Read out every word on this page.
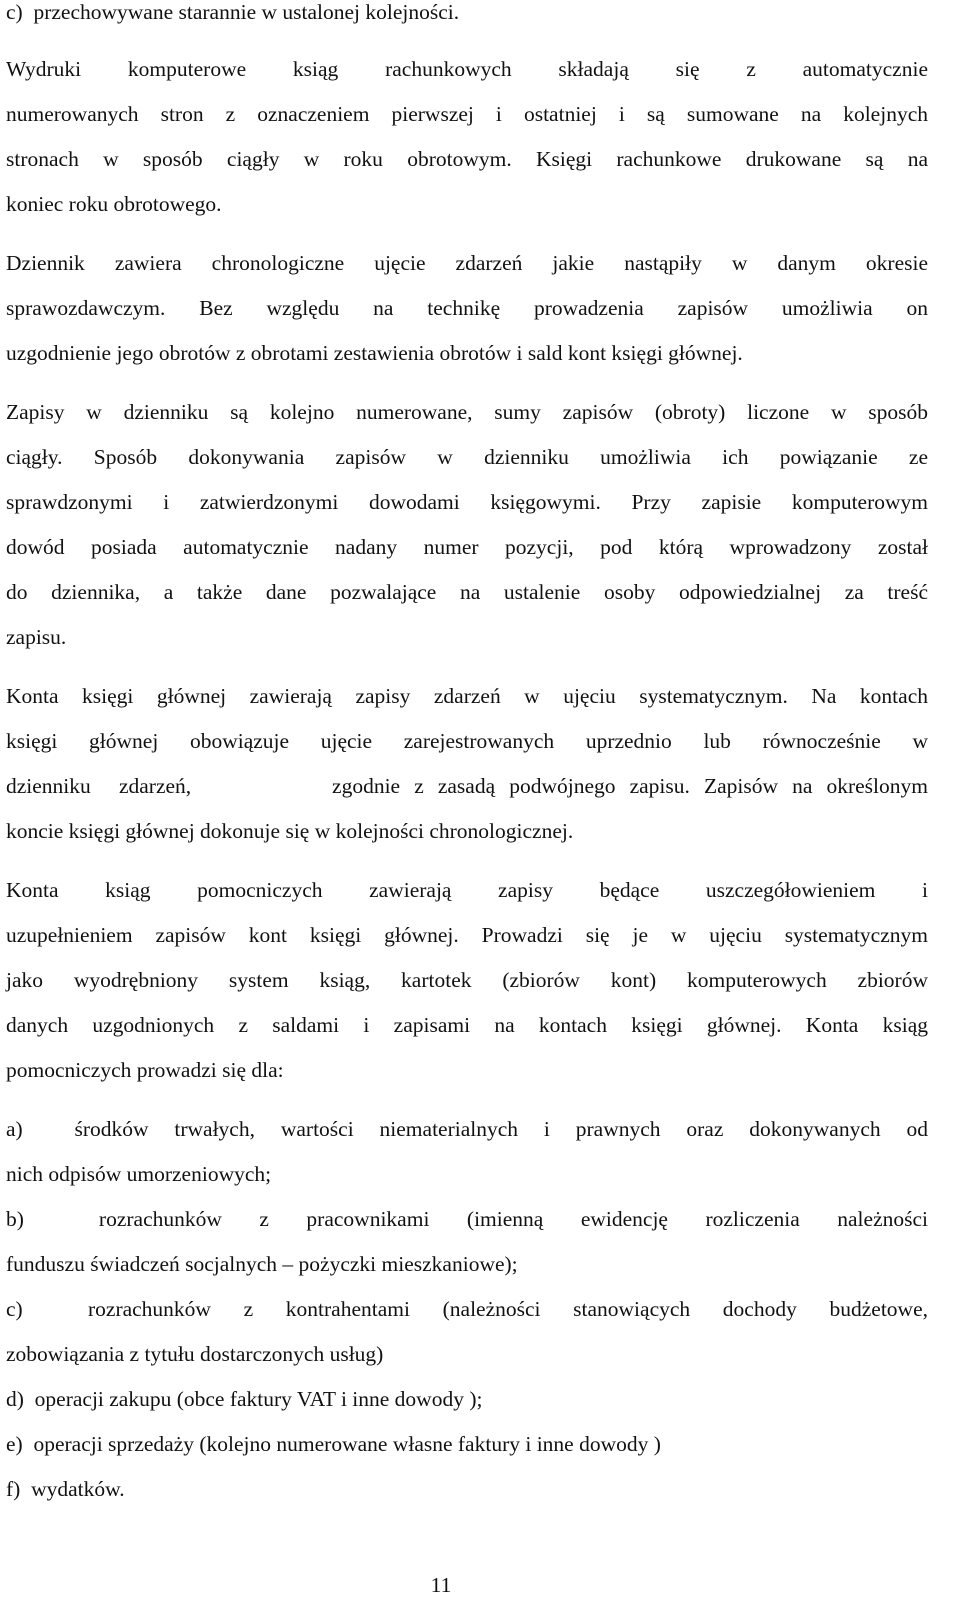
c)  przechowywane starannie w ustalonej kolejności.
Wydruki komputerowe ksiąg rachunkowych składają się z automatycznie
numerowanych stron z oznaczeniem pierwszej i ostatniej i są sumowane na kolejnych
stronach w sposób ciągły w roku obrotowym. Księgi rachunkowe drukowane są na
koniec roku obrotowego.
Dziennik zawiera chronologiczne ujęcie zdarzeń jakie nastąpiły w danym okresie
sprawozdawczym. Bez względu na technikę prowadzenia zapisów umożliwia on
uzgodnienie jego obrotów z obrotami zestawienia obrotów i sald kont księgi głównej.
Zapisy w dzienniku są kolejno numerowane, sumy zapisów (obroty) liczone w sposób
ciągły. Sposób dokonywania zapisów w dzienniku umożliwia ich powiązanie ze
sprawdzonymi i zatwierdzonymi dowodami księgowymi. Przy zapisie komputerowym
dowód posiada automatycznie nadany numer pozycji, pod którą wprowadzony został
do dziennika, a także dane pozwalające na ustalenie osoby odpowiedzialnej za treść
zapisu.
Konta księgi głównej zawierają zapisy zdarzeń w ujęciu systematycznym. Na kontach
księgi głównej obowiązuje ujęcie zarejestrowanych uprzednio lub równocześnie w
dzienniku  zdarzeń,          zgodnie z zasadą podwójnego zapisu. Zapisów na określonym
koncie księgi głównej dokonuje się w kolejności chronologicznej.
Konta ksiąg pomocniczych zawierają zapisy będące uszczegółowieniem i
uzupełnieniem zapisów kont księgi głównej. Prowadzi się je w ujęciu systematycznym
jako wyodrębniony system ksiąg, kartotek (zbiorów kont) komputerowych zbiorów
danych uzgodnionych z saldami i zapisami na kontach księgi głównej. Konta ksiąg
pomocniczych prowadzi się dla:
a)  środków trwałych, wartości niematerialnych i prawnych oraz dokonywanych od
nich odpisów umorzeniowych;
b)  rozrachunków z pracownikami (imienną ewidencję rozliczenia należności
funduszu świadczeń socjalnych – pożyczki mieszkaniowe);
c)  rozrachunków z kontrahentami (należności stanowiących dochody budżetowe,
zobowiązania z tytułu dostarczonych usług)
d)  operacji zakupu (obce faktury VAT i inne dowody );
e)  operacji sprzedaży (kolejno numerowane własne faktury i inne dowody )
f)  wydatków.
11
